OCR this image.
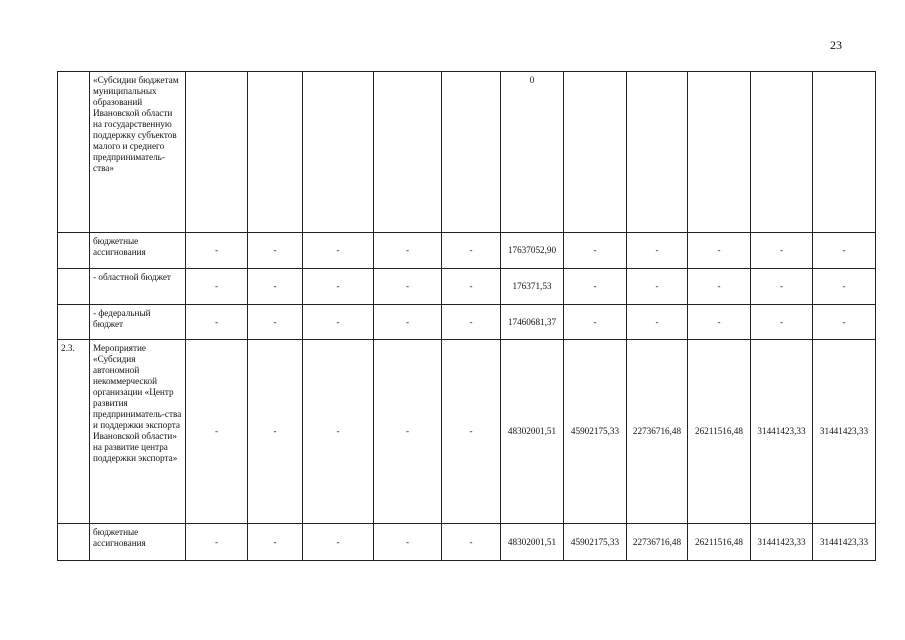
23
	«Субсидии бюджетам муниципальных образований Ивановской области на государственную поддержку субъектов малого и среднего предприниматель-ства»						0					
	бюджетные ассигнования	-	-	-	-	-	17637052,90	-	-	-	-	-
	- областной бюджет	-	-	-	-	-	176371,53	-	-	-	-	-
	- федеральный бюджет	-	-	-	-	-	17460681,37	-	-	-	-	-
2.3.	Мероприятие «Субсидия автономной некоммерческой организации «Центр развития предприниматель-ства и поддержки экспорта Ивановской области» на развитие центра поддержки экспорта»	-	-	-	-	-	48302001,51	45902175,33	22736716,48	26211516,48	31441423,33	31441423,33
	бюджетные ассигнования	-	-	-	-	-	48302001,51	45902175,33	22736716,48	26211516,48	31441423,33	31441423,33
